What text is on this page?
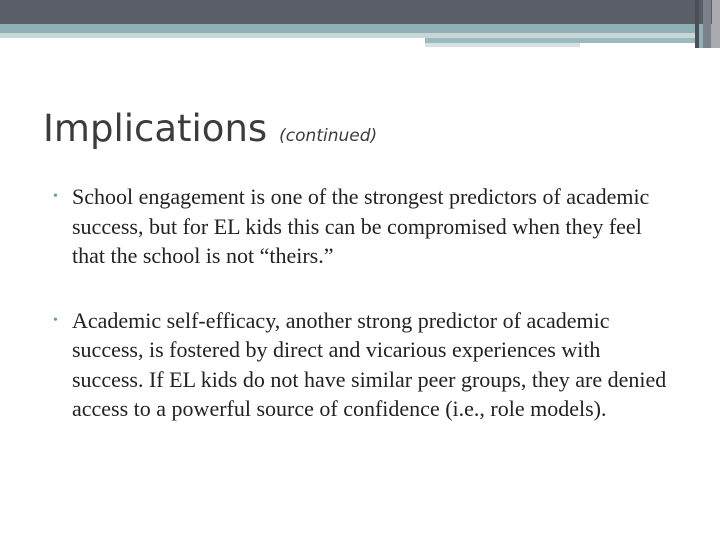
Implications (continued)
• School engagement is one of the strongest predictors of academic success, but for EL kids this can be compromised when they feel that the school is not “theirs.”
• Academic self-efficacy, another strong predictor of academic success, is fostered by direct and vicarious experiences with success. If EL kids do not have similar peer groups, they are denied access to a powerful source of confidence (i.e., role models).
